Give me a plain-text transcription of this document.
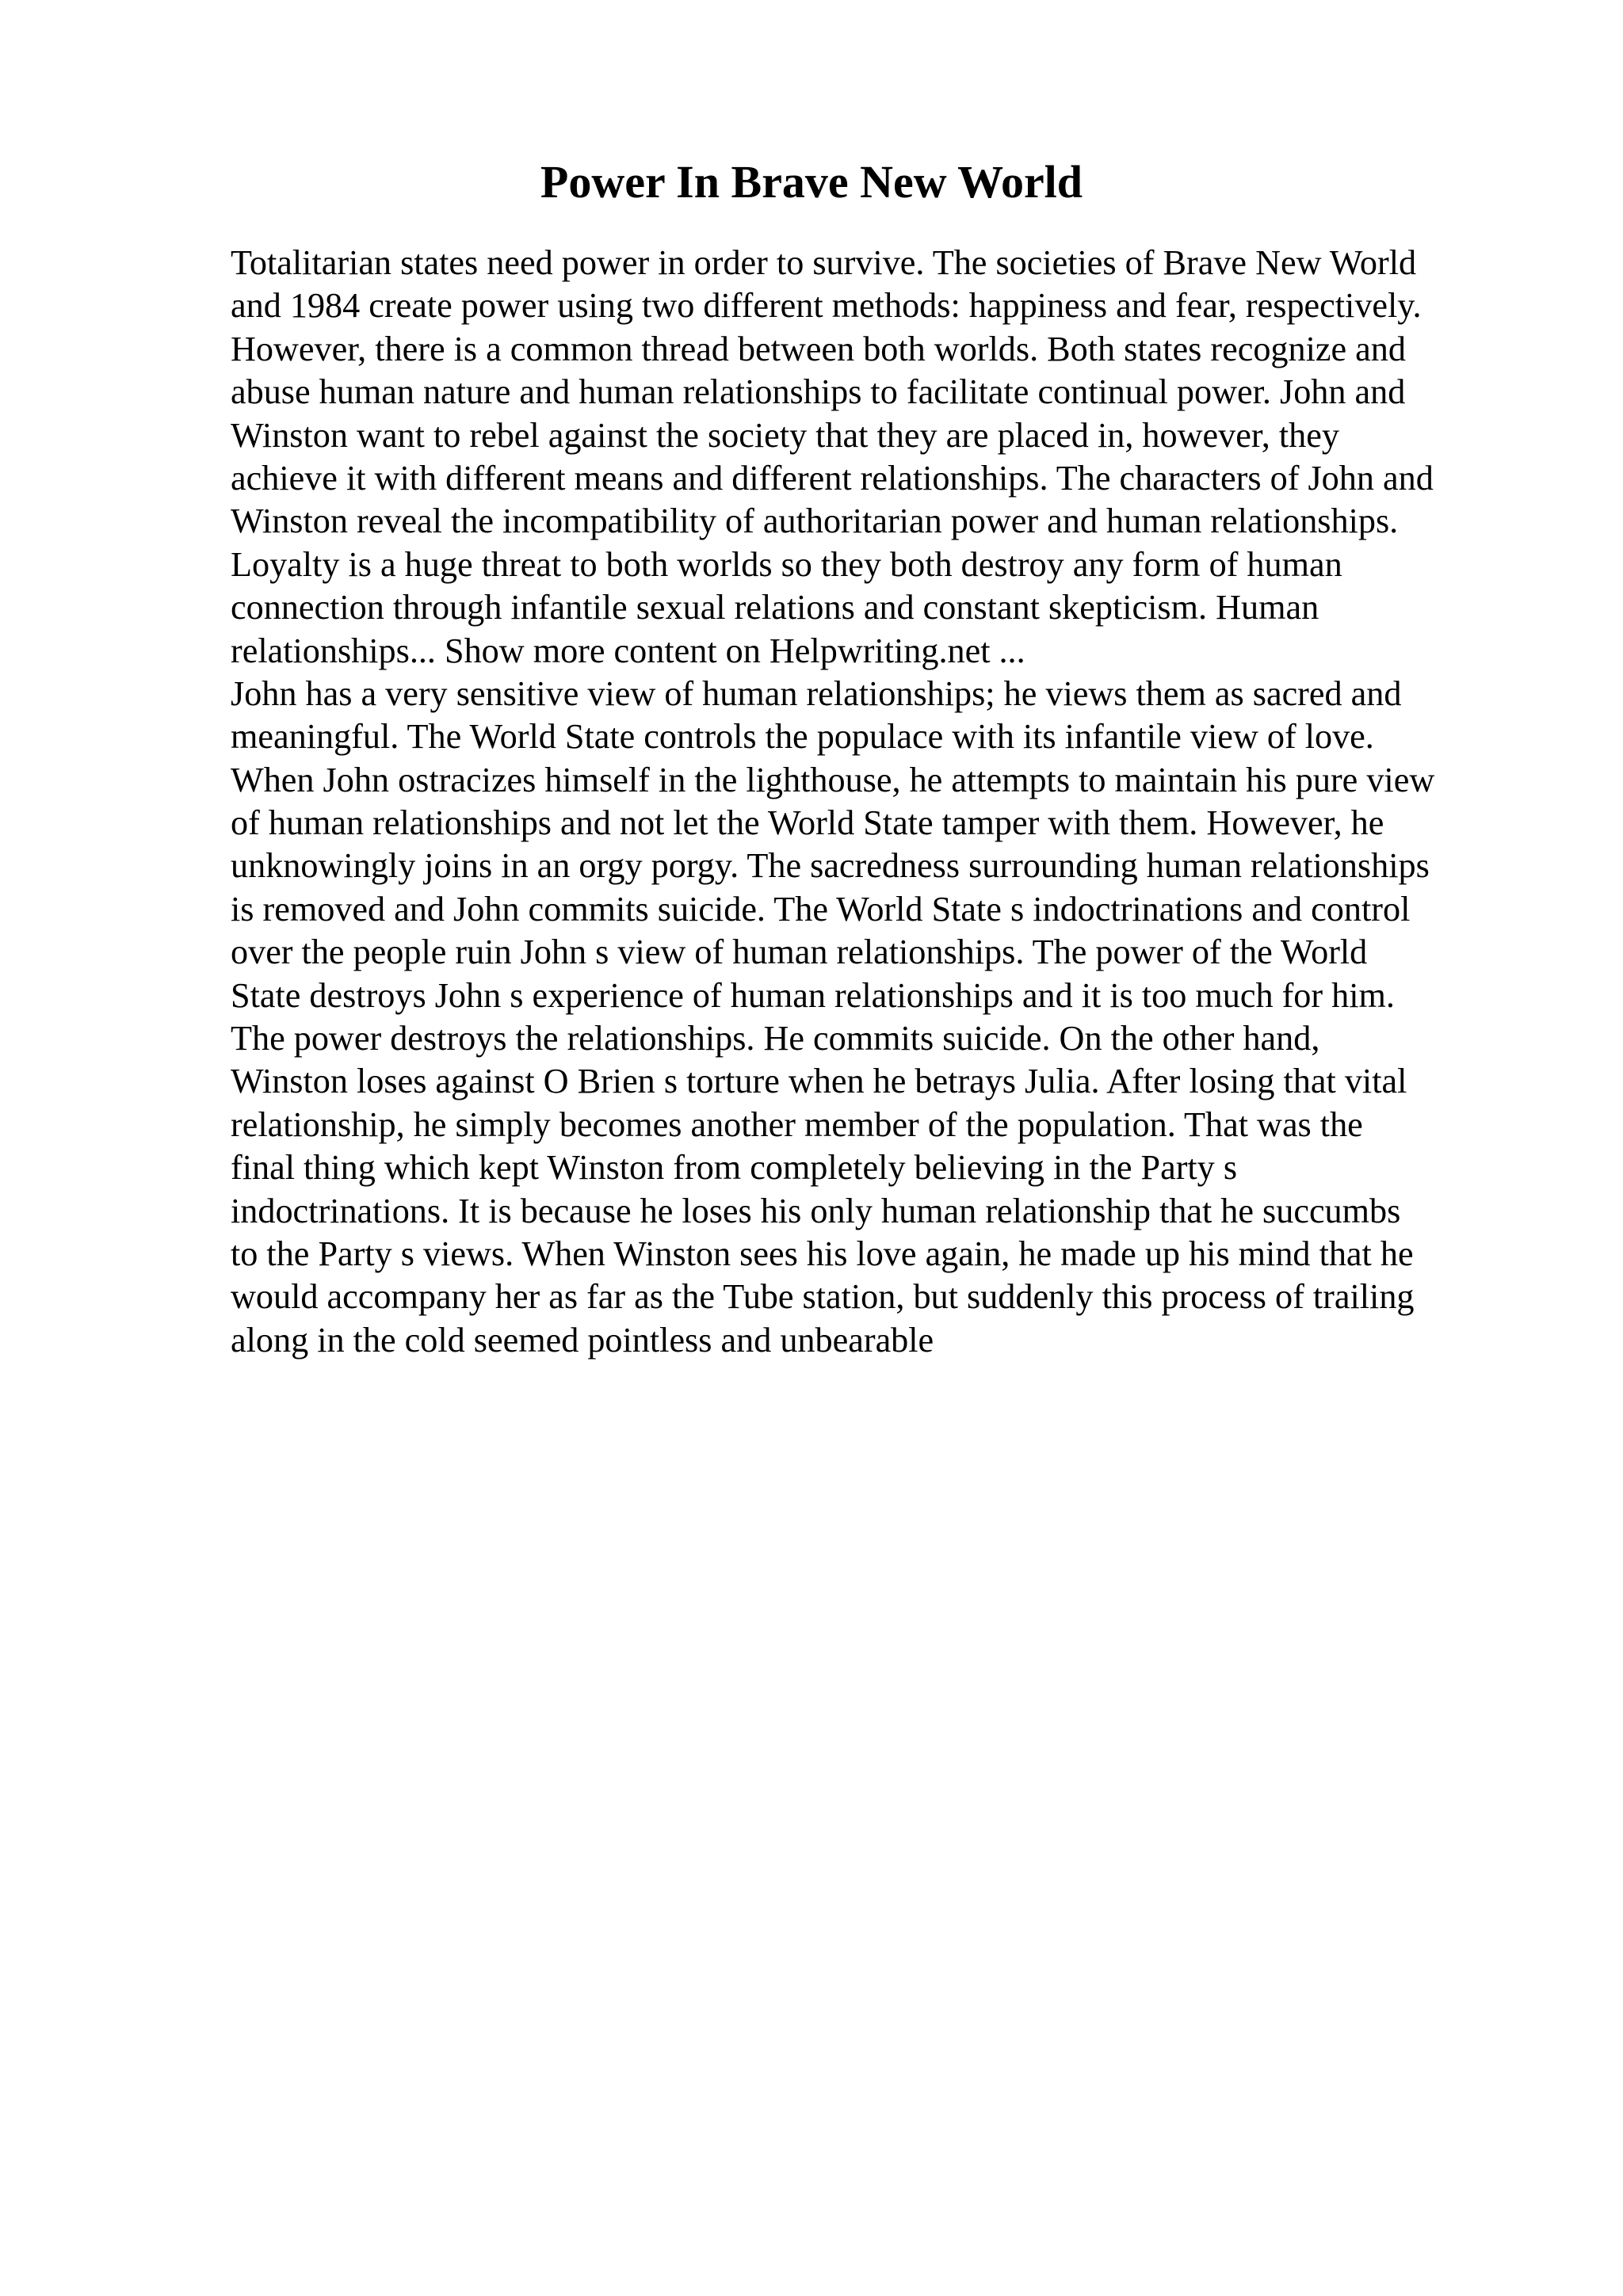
Power In Brave New World
Totalitarian states need power in order to survive. The societies of Brave New World
and 1984 create power using two different methods: happiness and fear, respectively.
However, there is a common thread between both worlds. Both states recognize and
abuse human nature and human relationships to facilitate continual power. John and
Winston want to rebel against the society that they are placed in, however, they
achieve it with different means and different relationships. The characters of John and
Winston reveal the incompatibility of authoritarian power and human relationships.
Loyalty is a huge threat to both worlds so they both destroy any form of human
connection through infantile sexual relations and constant skepticism. Human
relationships... Show more content on Helpwriting.net ...
John has a very sensitive view of human relationships; he views them as sacred and
meaningful. The World State controls the populace with its infantile view of love.
When John ostracizes himself in the lighthouse, he attempts to maintain his pure view
of human relationships and not let the World State tamper with them. However, he
unknowingly joins in an orgy porgy. The sacredness surrounding human relationships
is removed and John commits suicide. The World State s indoctrinations and control
over the people ruin John s view of human relationships. The power of the World
State destroys John s experience of human relationships and it is too much for him.
The power destroys the relationships. He commits suicide. On the other hand,
Winston loses against O Brien s torture when he betrays Julia. After losing that vital
relationship, he simply becomes another member of the population. That was the
final thing which kept Winston from completely believing in the Party s
indoctrinations. It is because he loses his only human relationship that he succumbs
to the Party s views. When Winston sees his love again, he made up his mind that he
would accompany her as far as the Tube station, but suddenly this process of trailing
along in the cold seemed pointless and unbearable
